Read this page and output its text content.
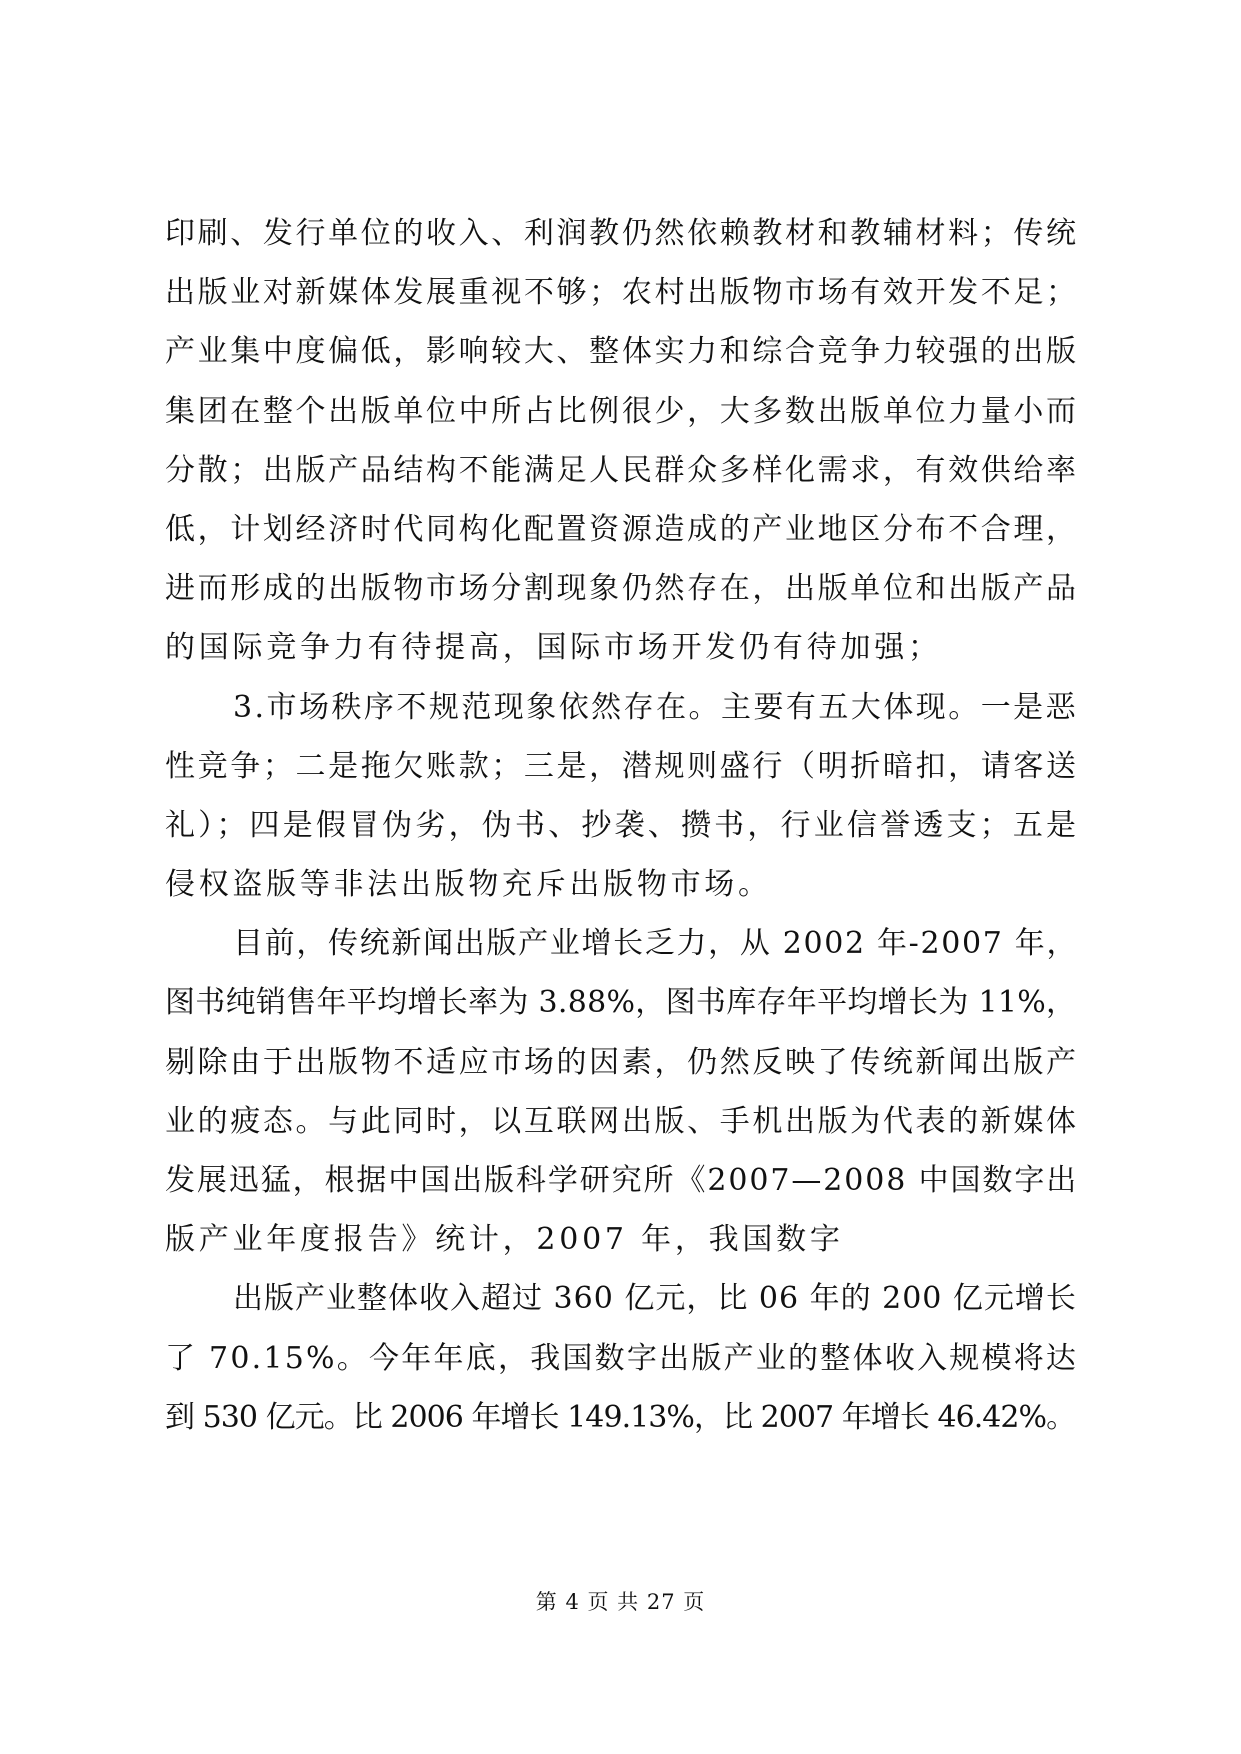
印刷、发行单位的收入、利润教仍然依赖教材和教辅材料；传统
出版业对新媒体发展重视不够；农村出版物市场有效开发不足；
产业集中度偏低，影响较大、整体实力和综合竞争力较强的出版
集团在整个出版单位中所占比例很少，大多数出版单位力量小而
分散；出版产品结构不能满足人民群众多样化需求，有效供给率
低，计划经济时代同构化配置资源造成的产业地区分布不合理，
进而形成的出版物市场分割现象仍然存在，出版单位和出版产品
的国际竞争力有待提高，国际市场开发仍有待加强；
3.市场秩序不规范现象依然存在。主要有五大体现。一是恶
性竞争；二是拖欠账款；三是，潜规则盛行（明折暗扣，请客送
礼）；四是假冒伪劣，伪书、抄袭、攒书，行业信誉透支；五是
侵权盗版等非法出版物充斥出版物市场。
目前，传统新闻出版产业增长乏力，从 2002 年-2007 年，
图书纯销售年平均增长率为 3.88%，图书库存年平均增长为 11%，
剔除由于出版物不适应市场的因素，仍然反映了传统新闻出版产
业的疲态。与此同时，以互联网出版、手机出版为代表的新媒体
发展迅猛，根据中国出版科学研究所《2007—2008 中国数字出
版产业年度报告》统计，2007 年，我国数字
出版产业整体收入超过 360 亿元，比 06 年的 200 亿元增长
了 70.15%。今年年底，我国数字出版产业的整体收入规模将达
到 530 亿元。比 2006 年增长 149.13%，比 2007 年增长 46.42%。
第 4 页 共 27 页
